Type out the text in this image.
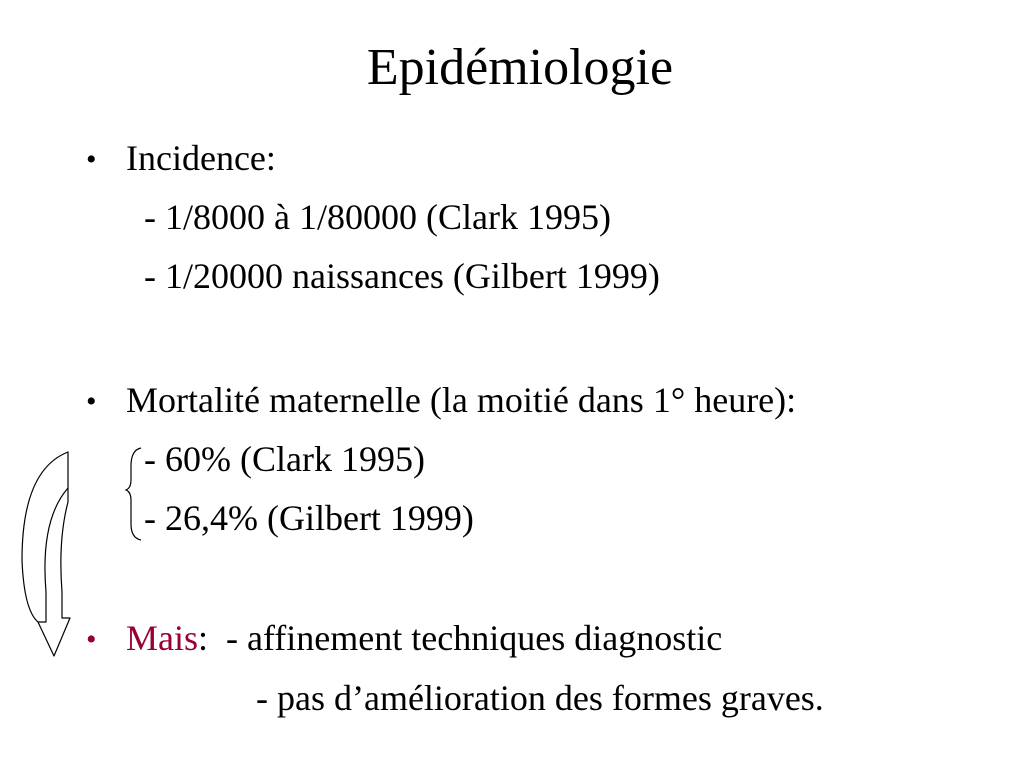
Epidémiologie
• Incidence:
- 1/8000 à 1/80000 (Clark 1995)
- 1/20000 naissances (Gilbert 1999)
• Mortalité maternelle (la moitié dans 1° heure):
- 60% (Clark 1995)
- 26,4% (Gilbert 1999)
• Mais:  - affinement techniques diagnostic
- pas d’amélioration des formes graves.
